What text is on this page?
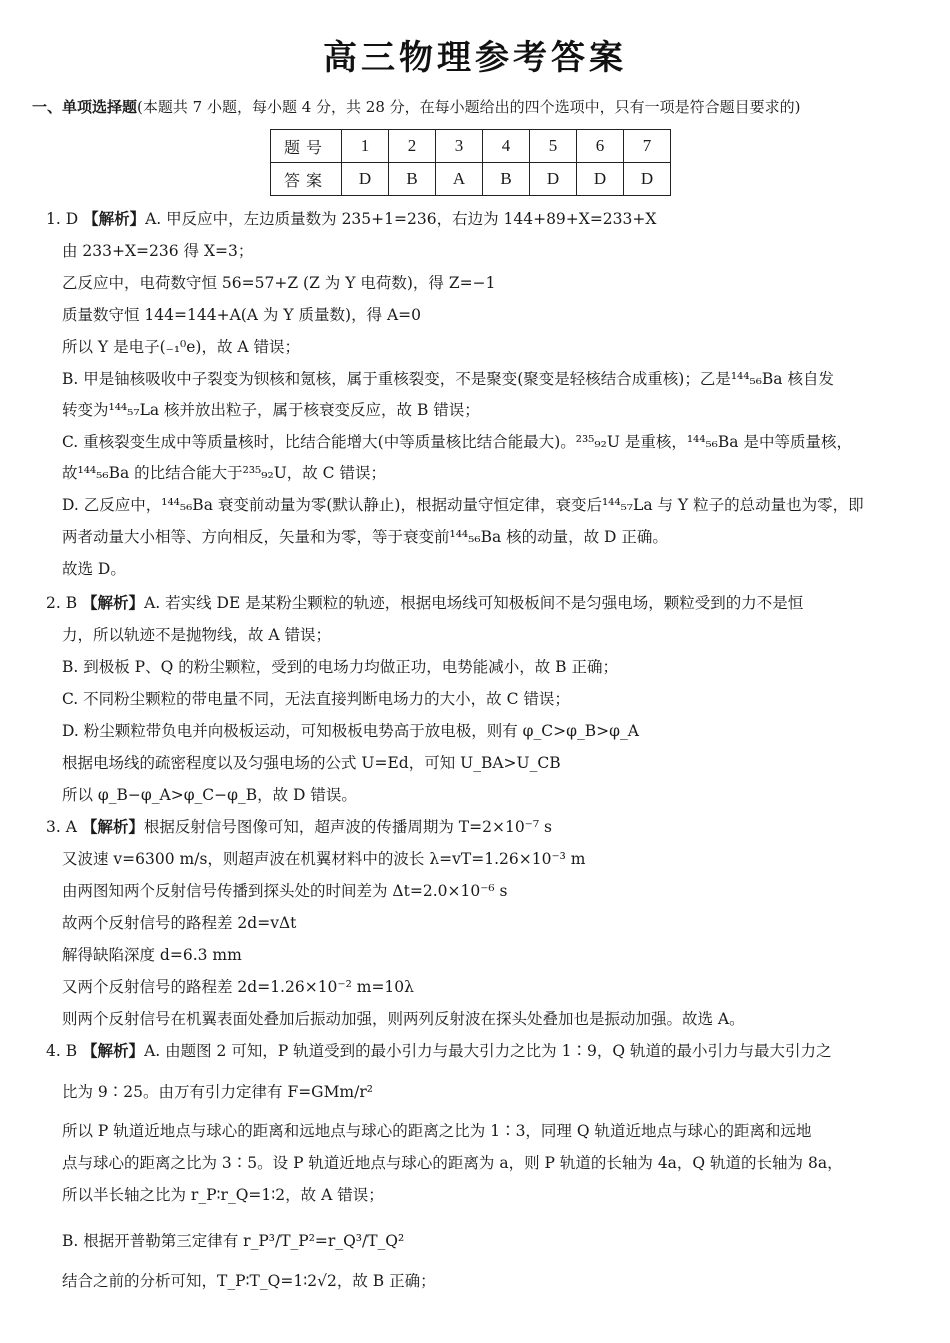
高三物理参考答案
一、单项选择题(本题共 7 小题，每小题 4 分，共 28 分，在每小题给出的四个选项中，只有一项是符合题目要求的)
题号	1	2	3	4	5	6	7
答案	D	B	A	B	D	D	D
1. D 【解析】A. 甲反应中，左边质量数为 235+1=236，右边为 144+89+X=233+X
由 233+X=236 得 X=3；
乙反应中，电荷数守恒 56=57+Z (Z 为 Y 电荷数)，得 Z=−1
质量数守恒 144=144+A(A 为 Y 质量数)，得 A=0
所以 Y 是电子(₋₁⁰e)，故 A 错误；
B. 甲是铀核吸收中子裂变为钡核和氪核，属于重核裂变，不是聚变(聚变是轻核结合成重核)；乙是¹⁴⁴₅₆Ba 核自发
转变为¹⁴⁴₅₇La 核并放出粒子，属于核衰变反应，故 B 错误；
C. 重核裂变生成中等质量核时，比结合能增大(中等质量核比结合能最大)。²³⁵₉₂U 是重核，¹⁴⁴₅₆Ba 是中等质量核，
故¹⁴⁴₅₆Ba 的比结合能大于²³⁵₉₂U，故 C 错误；
D. 乙反应中，¹⁴⁴₅₆Ba 衰变前动量为零(默认静止)，根据动量守恒定律，衰变后¹⁴⁴₅₇La 与 Y 粒子的总动量也为零，即
两者动量大小相等、方向相反，矢量和为零，等于衰变前¹⁴⁴₅₆Ba 核的动量，故 D 正确。
故选 D。
2. B 【解析】A. 若实线 DE 是某粉尘颗粒的轨迹，根据电场线可知极板间不是匀强电场，颗粒受到的力不是恒
力，所以轨迹不是抛物线，故 A 错误；
B. 到极板 P、Q 的粉尘颗粒，受到的电场力均做正功，电势能减小，故 B 正确；
C. 不同粉尘颗粒的带电量不同，无法直接判断电场力的大小，故 C 错误；
D. 粉尘颗粒带负电并向极板运动，可知极板电势高于放电极，则有 φ_C>φ_B>φ_A
根据电场线的疏密程度以及匀强电场的公式 U=Ed，可知 U_BA>U_CB
所以 φ_B−φ_A>φ_C−φ_B，故 D 错误。
3. A 【解析】根据反射信号图像可知，超声波的传播周期为 T=2×10⁻⁷ s
又波速 v=6300 m/s，则超声波在机翼材料中的波长 λ=vT=1.26×10⁻³ m
由两图知两个反射信号传播到探头处的时间差为 Δt=2.0×10⁻⁶ s
故两个反射信号的路程差 2d=vΔt
解得缺陷深度 d=6.3 mm
又两个反射信号的路程差 2d=1.26×10⁻² m=10λ
则两个反射信号在机翼表面处叠加后振动加强，则两列反射波在探头处叠加也是振动加强。故选 A。
4. B 【解析】A. 由题图 2 可知，P 轨道受到的最小引力与最大引力之比为 1∶9，Q 轨道的最小引力与最大引力之
比为 9∶25。由万有引力定律有 F=GMm/r²
所以 P 轨道近地点与球心的距离和远地点与球心的距离之比为 1∶3，同理 Q 轨道近地点与球心的距离和远地
点与球心的距离之比为 3∶5。设 P 轨道近地点与球心的距离为 a，则 P 轨道的长轴为 4a，Q 轨道的长轴为 8a，
所以半长轴之比为 r_P∶r_Q=1∶2，故 A 错误；
B. 根据开普勒第三定律有 r_P³/T_P²=r_Q³/T_Q²
结合之前的分析可知，T_P∶T_Q=1∶2√2，故 B 正确；
